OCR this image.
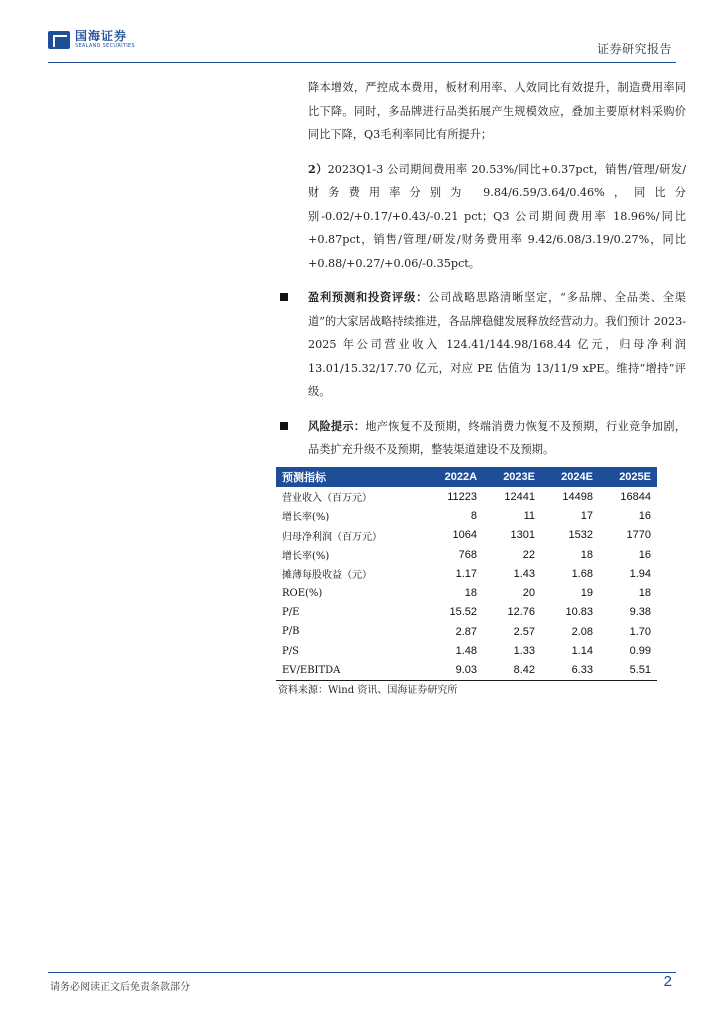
国海证券
SEALAND SECURITIES	证券研究报告

降本增效，严控成本费用，板材利用率、人效同比有效提升，制造费用率同比下降。同时，多品牌进行品类拓展产生规模效应，叠加主要原材料采购价同比下降，Q3毛利率同比有所提升；

2）2023Q1-3 公司期间费用率 20.53%/同比+0.37pct，销售/管理/研发/财务费用率分别为 9.84/6.59/3.64/0.46%，同比分别-0.02/+0.17/+0.43/-0.21 pct；Q3 公司期间费用率 18.96%/同比+0.87pct，销售/管理/研发/财务费用率 9.42/6.08/3.19/0.27%，同比+0.88/+0.27/+0.06/-0.35pct。

盈利预测和投资评级：公司战略思路清晰坚定，“多品牌、全品类、全渠道”的大家居战略持续推进，各品牌稳健发展释放经营动力。我们预计 2023-2025 年公司营业收入 124.41/144.98/168.44 亿元，归母净利润 13.01/15.32/17.70 亿元，对应 PE 估值为 13/11/9 xPE。维持“增持”评级。

风险提示：地产恢复不及预期，终端消费力恢复不及预期，行业竞争加剧，品类扩充升级不及预期，整装渠道建设不及预期。

预测指标	2022A	2023E	2024E	2025E
营业收入（百万元）	11223	12441	14498	16844
增长率(%)	8	11	17	16
归母净利润（百万元）	1064	1301	1532	1770
增长率(%)	768	22	18	16
摊薄每股收益（元）	1.17	1.43	1.68	1.94
ROE(%)	18	20	19	18
P/E	15.52	12.76	10.83	9.38
P/B	2.87	2.57	2.08	1.70
P/S	1.48	1.33	1.14	0.99
EV/EBITDA	9.03	8.42	6.33	5.51
资料来源：Wind 资讯、国海证券研究所
请务必阅读正文后免责条款部分	2
